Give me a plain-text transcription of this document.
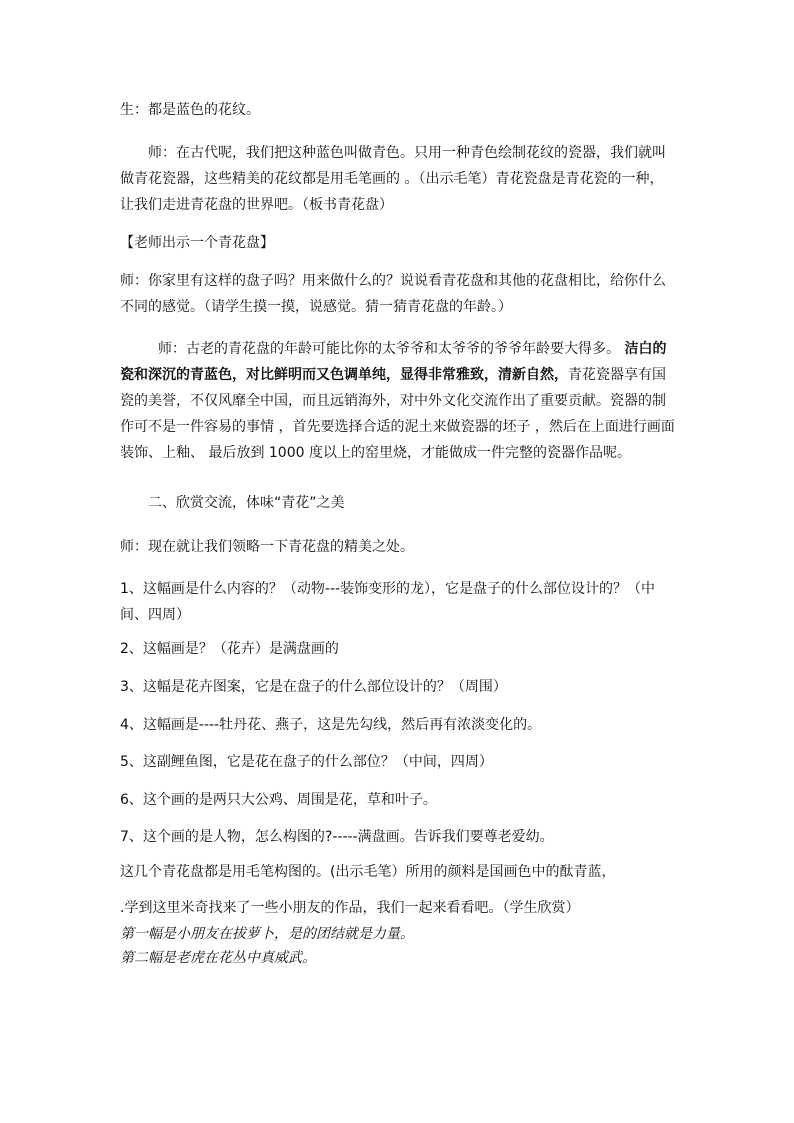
生：都是蓝色的花纹。

师：在古代呢，我们把这种蓝色叫做青色。只用一种青色绘制花纹的瓷器，我们就叫做青花瓷器，这些精美的花纹都是用毛笔画的 。（出示毛笔）青花瓷盘是青花瓷的一种，让我们走进青花盘的世界吧。（板书青花盘）

【老师出示一个青花盘】

师：你家里有这样的盘子吗？用来做什么的？说说看青花盘和其他的花盘相比，给你什么不同的感觉。（请学生摸一摸，说感觉。猜一猜青花盘的年龄。）

师：古老的青花盘的年龄可能比你的太爷爷和太爷爷的爷爷年龄要大得多。 洁白的瓷和深沉的青蓝色，对比鲜明而又色调单纯，显得非常雅致，清新自然，青花瓷器享有国瓷的美誉，不仅风靡全中国，而且远销海外，对中外文化交流作出了重要贡献。瓷器的制作可不是一件容易的事情 ，首先要选择合适的泥土来做瓷器的坯子 ，然后在上面进行画面装饰、上釉、 最后放到 1000 度以上的窑里烧，才能做成一件完整的瓷器作品呢。

二、欣赏交流，体味“青花”之美

师：现在就让我们领略一下青花盘的精美之处。

1、这幅画是什么内容的？（动物---装饰变形的龙），它是盘子的什么部位设计的？（中间、四周）

2、这幅画是？（花卉）是满盘画的

3、这幅是花卉图案，它是在盘子的什么部位设计的？（周围）

4、这幅画是----牡丹花、燕子，这是先勾线，然后再有浓淡变化的。

5、这副鲤鱼图，它是花在盘子的什么部位？（中间，四周）

6、这个画的是两只大公鸡、周围是花，草和叶子。

7、这个画的是人物，怎么构图的?-----满盘画。告诉我们要尊老爱幼。

这几个青花盘都是用毛笔构图的。(出示毛笔）所用的颜料是国画色中的酞青蓝，

.学到这里米奇找来了一些小朋友的作品，我们一起来看看吧。（学生欣赏）

第一幅是小朋友在拔萝卜，是的团结就是力量。

第二幅是老虎在花丛中真威武。
